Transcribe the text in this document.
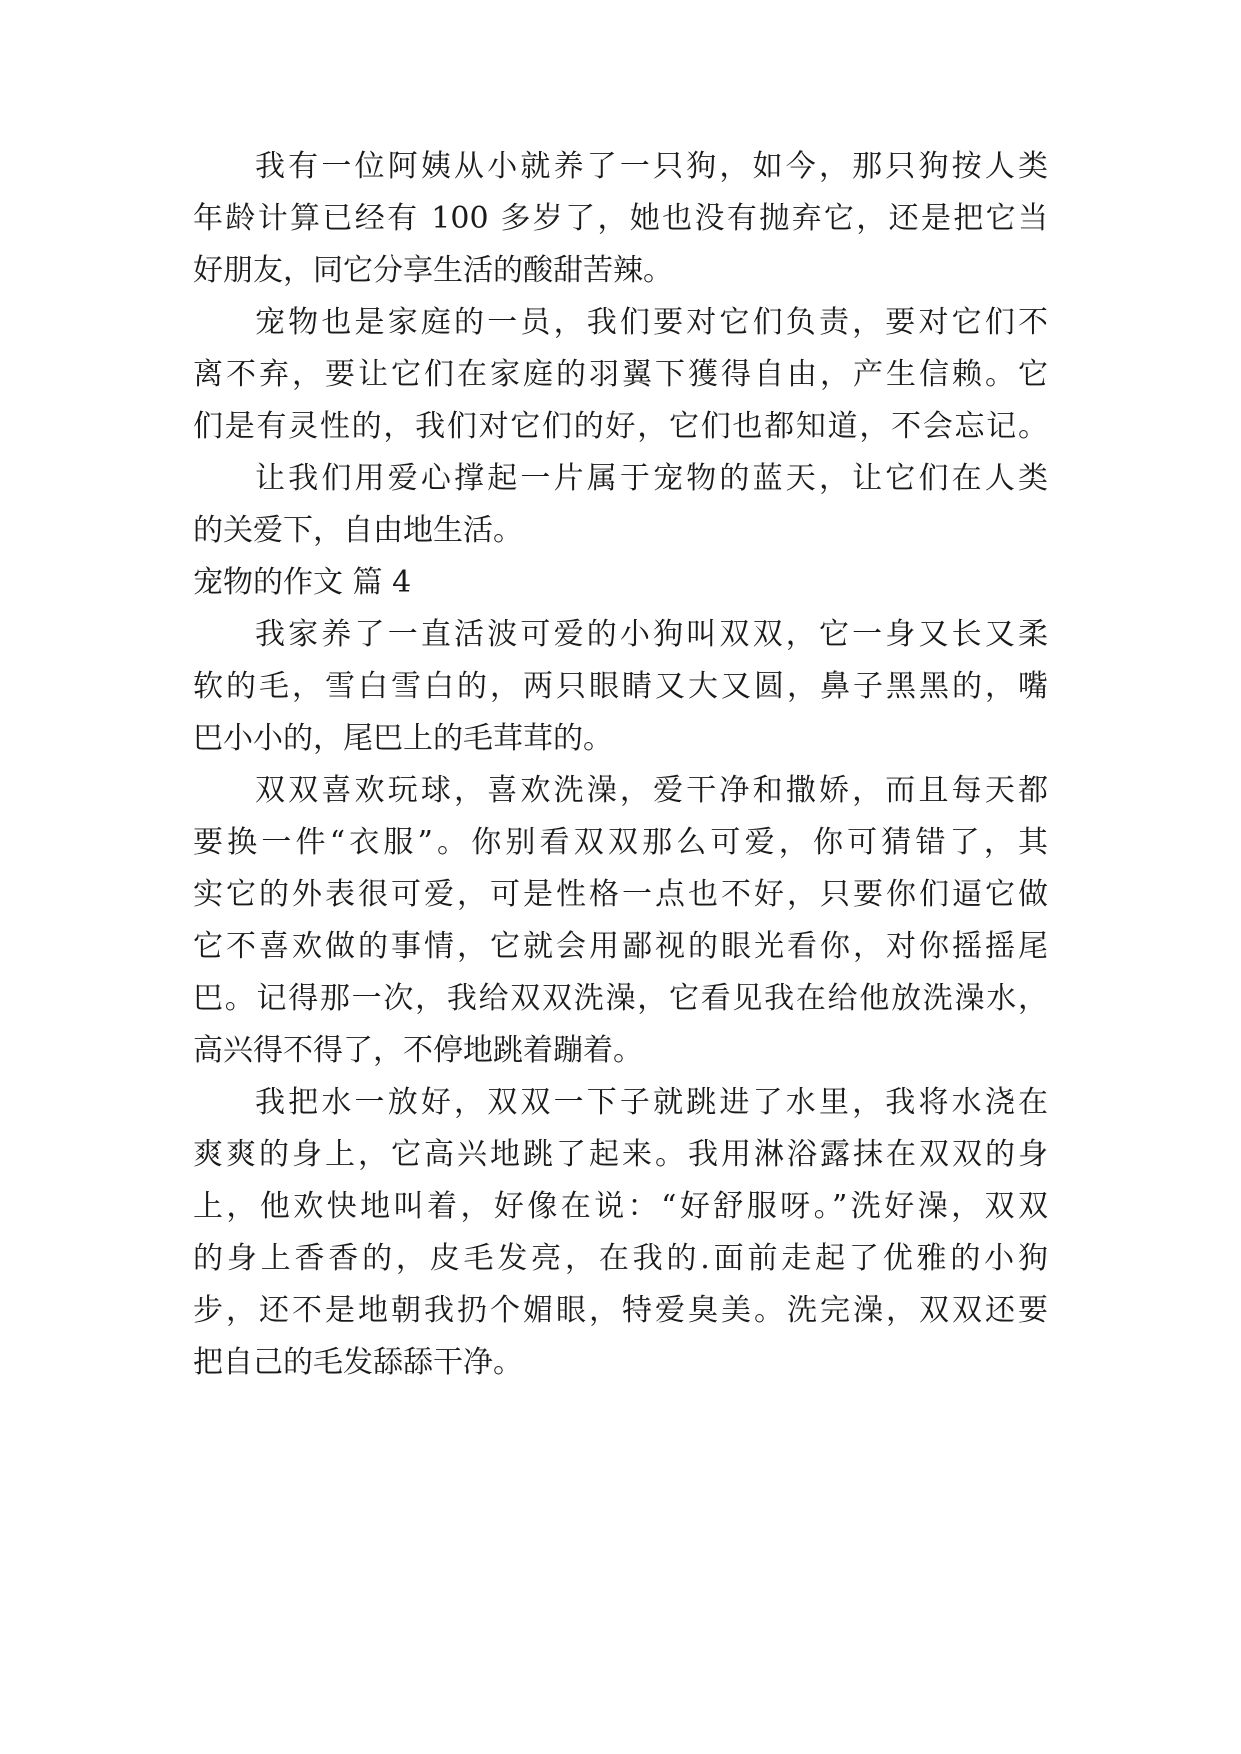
我有一位阿姨从小就养了一只狗，如今，那只狗按人类
年龄计算已经有 100 多岁了，她也没有抛弃它，还是把它当
好朋友，同它分享生活的酸甜苦辣。
宠物也是家庭的一员，我们要对它们负责，要对它们不
离不弃，要让它们在家庭的羽翼下獲得自由，产生信赖。它
们是有灵性的，我们对它们的好，它们也都知道，不会忘记。
让我们用爱心撑起一片属于宠物的蓝天，让它们在人类
的关爱下，自由地生活。
宠物的作文 篇 4
我家养了一直活波可爱的小狗叫双双，它一身又长又柔
软的毛，雪白雪白的，两只眼睛又大又圆，鼻子黑黑的，嘴
巴小小的，尾巴上的毛茸茸的。
双双喜欢玩球，喜欢洗澡，爱干净和撒娇，而且每天都
要换一件“衣服”。你别看双双那么可爱，你可猜错了，其
实它的外表很可爱，可是性格一点也不好，只要你们逼它做
它不喜欢做的事情，它就会用鄙视的眼光看你，对你摇摇尾
巴。记得那一次，我给双双洗澡，它看见我在给他放洗澡水，
高兴得不得了，不停地跳着蹦着。
我把水一放好，双双一下子就跳进了水里，我将水浇在
爽爽的身上，它高兴地跳了起来。我用淋浴露抹在双双的身
上，他欢快地叫着，好像在说：“好舒服呀。”洗好澡，双双
的身上香香的，皮毛发亮，在我的.面前走起了优雅的小狗
步，还不是地朝我扔个媚眼，特爱臭美。洗完澡，双双还要
把自己的毛发舔舔干净。
